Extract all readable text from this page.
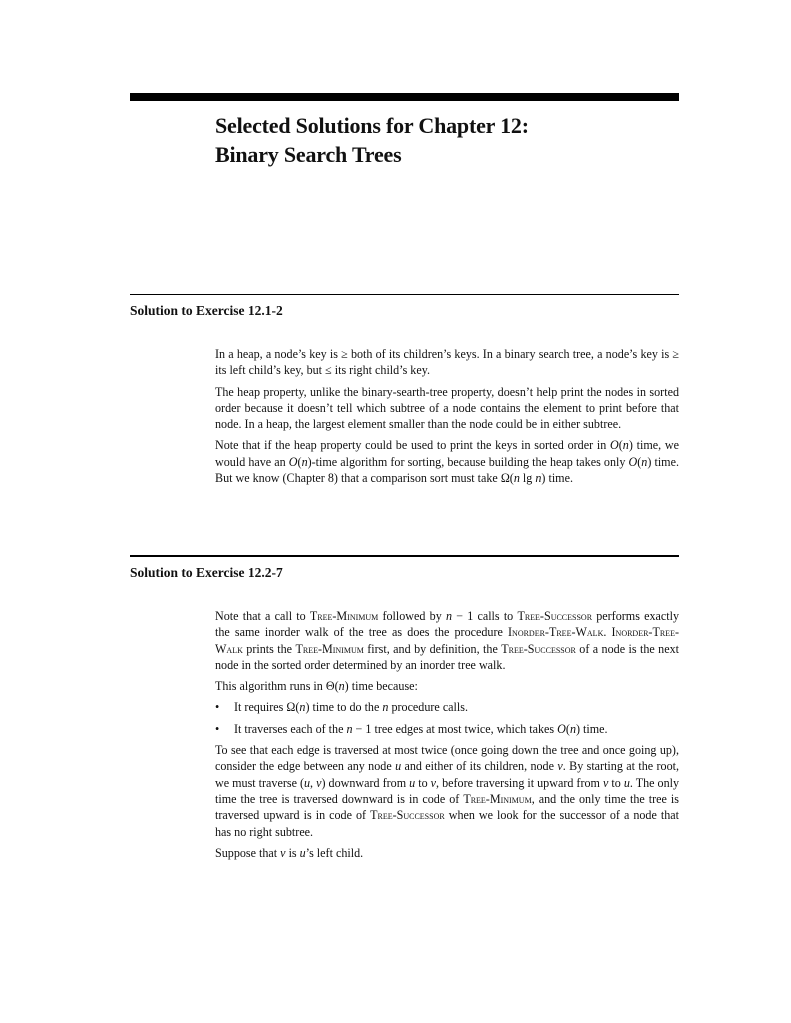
Selected Solutions for Chapter 12:
Binary Search Trees
Solution to Exercise 12.1-2

In a heap, a node’s key is ≥ both of its children’s keys. In a binary search tree, a node’s key is ≥ its left child’s key, but ≤ its right child’s key.

The heap property, unlike the binary-searth-tree property, doesn’t help print the nodes in sorted order because it doesn’t tell which subtree of a node contains the element to print before that node. In a heap, the largest element smaller than the node could be in either subtree.

Note that if the heap property could be used to print the keys in sorted order in O(n) time, we would have an O(n)-time algorithm for sorting, because building the heap takes only O(n) time. But we know (Chapter 8) that a comparison sort must take Ω(n lg n) time.

Solution to Exercise 12.2-7

Note that a call to Tree-Minimum followed by n − 1 calls to Tree-Successor performs exactly the same inorder walk of the tree as does the procedure Inorder-Tree-Walk. Inorder-Tree-Walk prints the Tree-Minimum first, and by definition, the Tree-Successor of a node is the next node in the sorted order determined by an inorder tree walk.

This algorithm runs in Θ(n) time because:

• It requires Ω(n) time to do the n procedure calls.
• It traverses each of the n − 1 tree edges at most twice, which takes O(n) time.

To see that each edge is traversed at most twice (once going down the tree and once going up), consider the edge between any node u and either of its children, node v. By starting at the root, we must traverse (u, v) downward from u to v, before traversing it upward from v to u. The only time the tree is traversed downward is in code of Tree-Minimum, and the only time the tree is traversed upward is in code of Tree-Successor when we look for the successor of a node that has no right subtree.

Suppose that v is u’s left child.
